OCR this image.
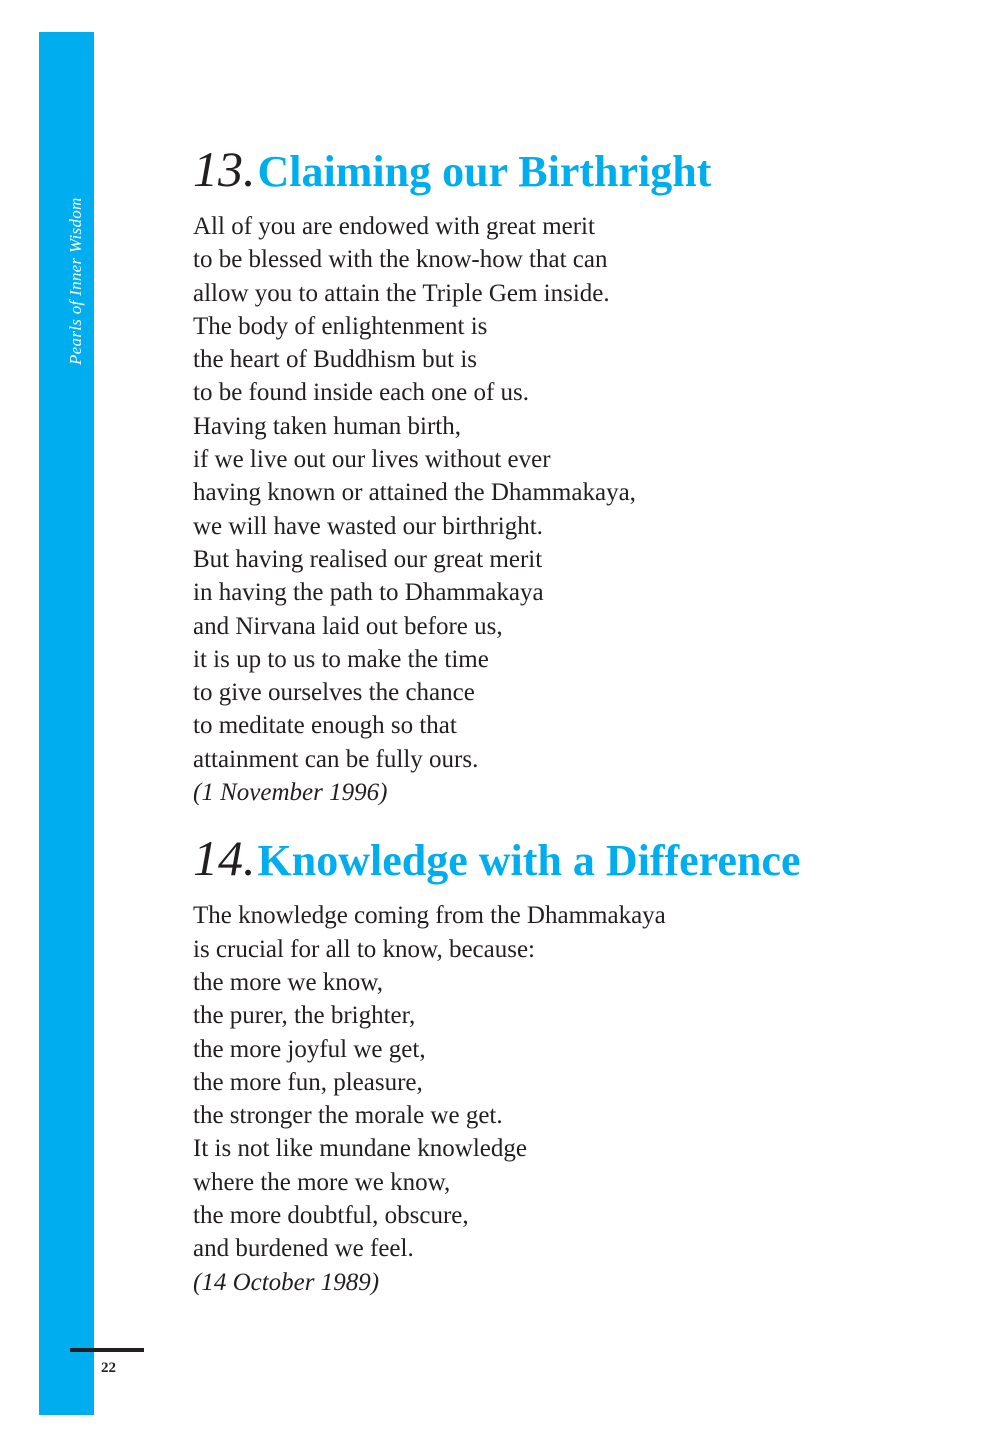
Pearls of Inner Wisdom
22
13. Claiming our Birthright
All of you are endowed with great merit
to be blessed with the know-how that can
allow you to attain the Triple Gem inside.
The body of enlightenment is
the heart of Buddhism but is
to be found inside each one of us.
Having taken human birth,
if we live out our lives without ever
having known or attained the Dhammakaya,
we will have wasted our birthright.
But having realised our great merit
in having the path to Dhammakaya
and Nirvana laid out before us,
it is up to us to make the time
to give ourselves the chance
to meditate enough so that
attainment can be fully ours.
(1 November 1996)
14. Knowledge with a Difference
The knowledge coming from the Dhammakaya
is crucial for all to know, because:
the more we know,
the purer, the brighter,
the more joyful we get,
the more fun, pleasure,
the stronger the morale we get.
It is not like mundane knowledge
where the more we know,
the more doubtful, obscure,
and burdened we feel.
(14 October 1989)
